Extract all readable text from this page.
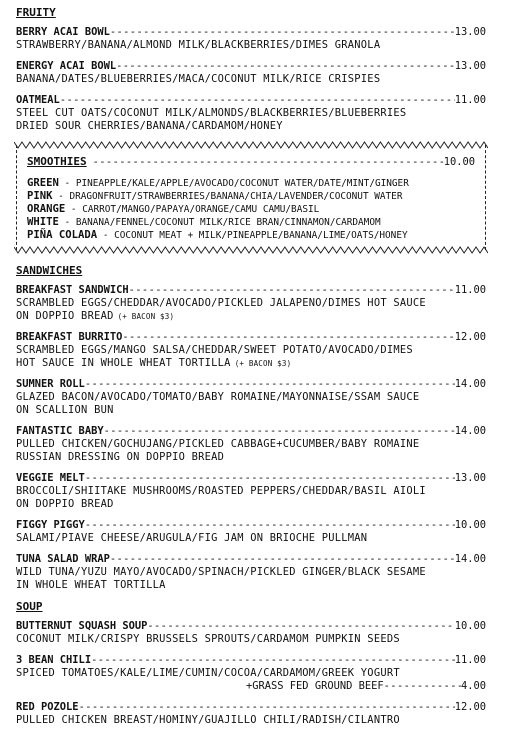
FRUITY
BERRY ACAI BOWL -----	13.00
STRAWBERRY/BANANA/ALMOND MILK/BLACKBERRIES/DIMES GRANOLA
ENERGY ACAI BOWL -----	13.00
BANANA/DATES/BLUEBERRIES/MACA/COCONUT MILK/RICE CRISPIES
OATMEAL -----	11.00
STEEL CUT OATS/COCONUT MILK/ALMONDS/BLACKBERRIES/BLUEBERRIES
DRIED SOUR CHERRIES/BANANA/CARDAMOM/HONEY
SMOOTHIES -----	10.00
GREEN - PINEAPPLE/KALE/APPLE/AVOCADO/COCONUT WATER/DATE/MINT/GINGER
PINK - DRAGONFRUIT/STRAWBERRIES/BANANA/CHIA/LAVENDER/COCONUT WATER
ORANGE - CARROT/MANGO/PAPAYA/ORANGE/CAMU CAMU/BASIL
WHITE - BANANA/FENNEL/COCONUT MILK/RICE BRAN/CINNAMON/CARDAMOM
PIÑA COLADA - COCONUT MEAT + MILK/PINEAPPLE/BANANA/LIME/OATS/HONEY
SANDWICHES
BREAKFAST SANDWICH -----	11.00
SCRAMBLED EGGS/CHEDDAR/AVOCADO/PICKLED JALAPENO/DIMES HOT SAUCE
ON DOPPIO BREAD (+ BACON $3)
BREAKFAST BURRITO -----	12.00
SCRAMBLED EGGS/MANGO SALSA/CHEDDAR/SWEET POTATO/AVOCADO/DIMES
HOT SAUCE IN WHOLE WHEAT TORTILLA (+ BACON $3)
SUMNER ROLL -----	14.00
GLAZED BACON/AVOCADO/TOMATO/BABY ROMAINE/MAYONNAISE/SSAM SAUCE
ON SCALLION BUN
FANTASTIC BABY -----	14.00
PULLED CHICKEN/GOCHUJANG/PICKLED CABBAGE+CUCUMBER/BABY ROMAINE
RUSSIAN DRESSING ON DOPPIO BREAD
VEGGIE MELT -----	13.00
BROCCOLI/SHIITAKE MUSHROOMS/ROASTED PEPPERS/CHEDDAR/BASIL AIOLI
ON DOPPIO BREAD
FIGGY PIGGY -----	10.00
SALAMI/PIAVE CHEESE/ARUGULA/FIG JAM ON BRIOCHE PULLMAN
TUNA SALAD WRAP -----	14.00
WILD TUNA/YUZU MAYO/AVOCADO/SPINACH/PICKLED GINGER/BLACK SESAME
IN WHOLE WHEAT TORTILLA
SOUP
BUTTERNUT SQUASH SOUP -----	10.00
COCONUT MILK/CRISPY BRUSSELS SPROUTS/CARDAMOM PUMPKIN SEEDS
3 BEAN CHILI -----	11.00
SPICED TOMATOES/KALE/LIME/CUMIN/COCOA/CARDAMOM/GREEK YOGURT
+GRASS FED GROUND BEEF -----	4.00
RED POZOLE -----	12.00
PULLED CHICKEN BREAST/HOMINY/GUAJILLO CHILI/RADISH/CILANTRO
